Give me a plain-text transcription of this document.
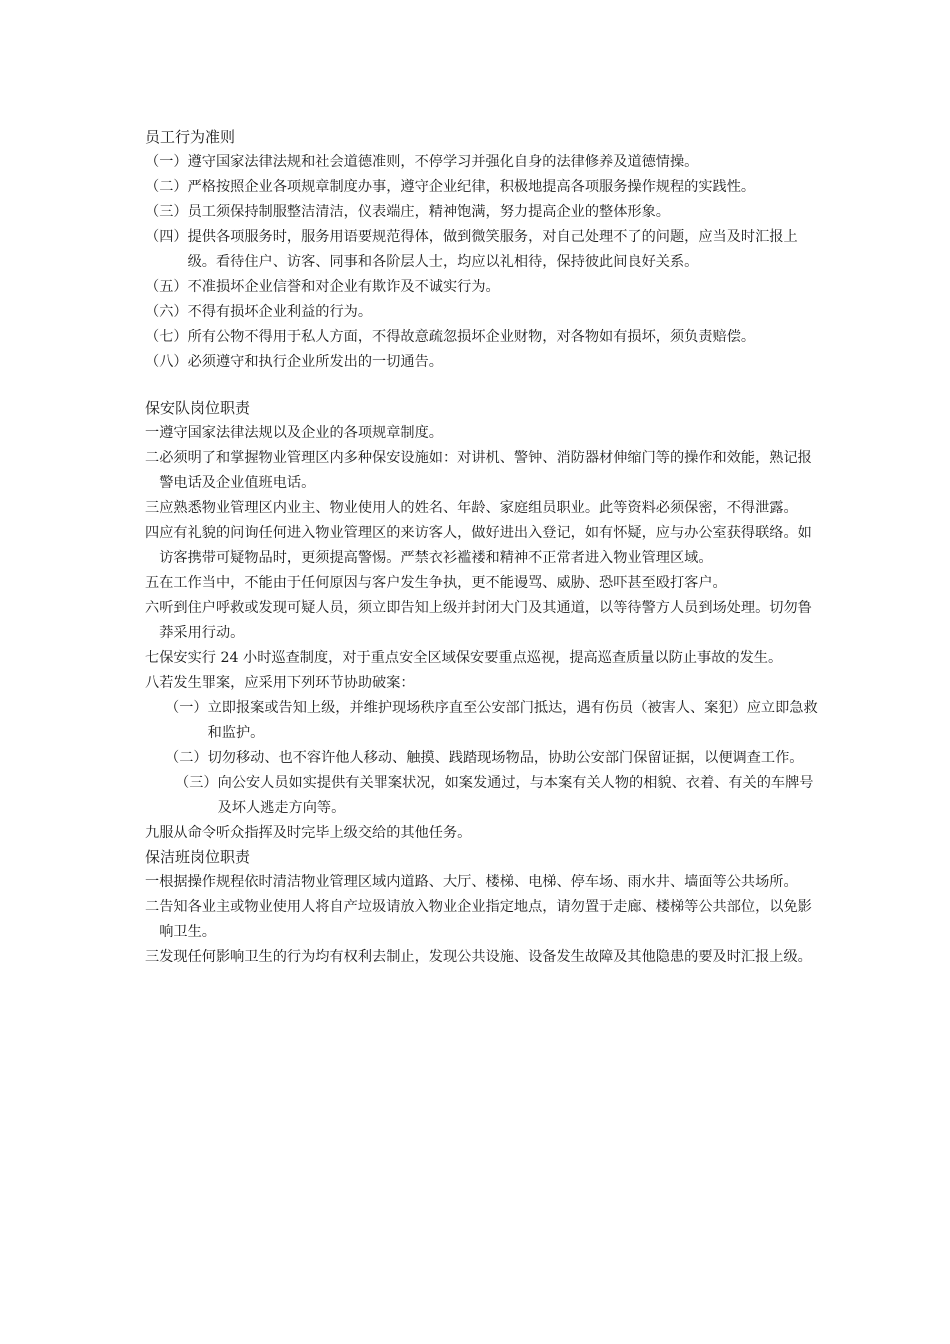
员工行为准则
（一） 遵守国家法律法规和社会道德准则，不停学习并强化自身的法律修养及道德情操。
（二） 严格按照企业各项规章制度办事，遵守企业纪律，积极地提高各项服务操作规程的实践性。
（三） 员工须保持制服整洁清洁，仪表端庄，精神饱满，努力提高企业的整体形象。
（四） 提供各项服务时，服务用语要规范得体，做到微笑服务，对自己处理不了的问题，应当及时汇报上级。看待住户、访客、同事和各阶层人士，均应以礼相待，保持彼此间良好关系。
（五） 不准损坏企业信誉和对企业有欺诈及不诚实行为。
（六） 不得有损坏企业利益的行为。
（七） 所有公物不得用于私人方面，不得故意疏忽损坏企业财物，对各物如有损坏，须负责赔偿。
（八） 必须遵守和执行企业所发出的一切通告。
保安队岗位职责
一 遵守国家法律法规以及企业的各项规章制度。
二 必须明了和掌握物业管理区内多种保安设施如：对讲机、警钟、消防器材伸缩门等的操作和效能，熟记报警电话及企业值班电话。
三 应熟悉物业管理区内业主、物业使用人的姓名、年龄、家庭组员职业。此等资料必须保密，不得泄露。
四 应有礼貌的问询任何进入物业管理区的来访客人，做好进出入登记，如有怀疑，应与办公室获得联络。如访客携带可疑物品时，更须提高警惕。严禁衣衫褴褛和精神不正常者进入物业管理区域。
五 在工作当中，不能由于任何原因与客户发生争执，更不能谩骂、威胁、恐吓甚至殴打客户。
六 听到住户呼救或发现可疑人员，须立即告知上级并封闭大门及其通道，以等待警方人员到场处理。切勿鲁莽采用行动。
七 保安实行 24 小时巡查制度，对于重点安全区域保安要重点巡视，提高巡查质量以防止事故的发生。
八 若发生罪案，应采用下列环节协助破案：
（一） 立即报案或告知上级，并维护现场秩序直至公安部门抵达，遇有伤员（被害人、案犯）应立即急救和监护。
（二） 切勿移动、也不容许他人移动、触摸、践踏现场物品，协助公安部门保留证据，以便调查工作。
（三） 向公安人员如实提供有关罪案状况，如案发通过，与本案有关人物的相貌、衣着、有关的车牌号及坏人逃走方向等。
九 服从命令听众指挥及时完毕上级交给的其他任务。
保洁班岗位职责
一 根据操作规程依时清洁物业管理区域内道路、大厅、楼梯、电梯、停车场、雨水井、墙面等公共场所。
二 告知各业主或物业使用人将自产垃圾请放入物业企业指定地点，请勿置于走廊、楼梯等公共部位，以免影响卫生。
三 发现任何影响卫生的行为均有权利去制止，发现公共设施、设备发生故障及其他隐患的要及时汇报上级。
